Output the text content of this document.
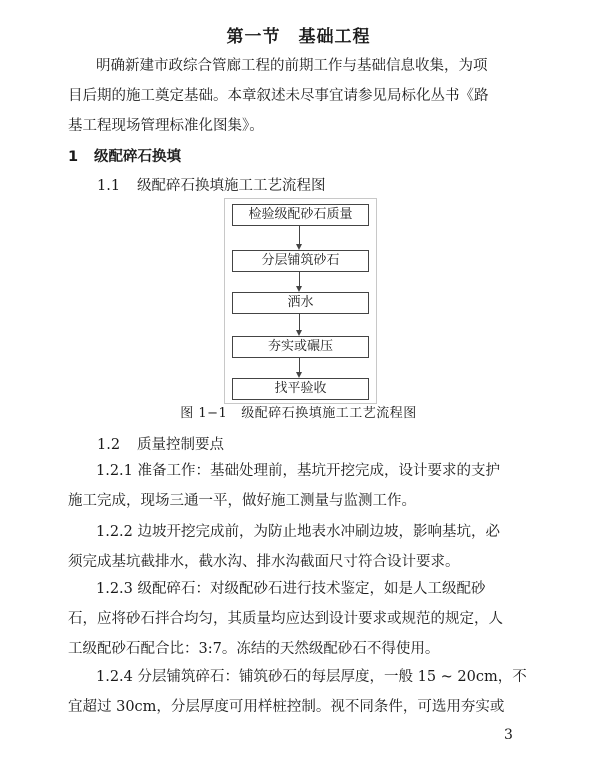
第一节　基础工程

明确新建市政综合管廊工程的前期工作与基础信息收集，为项
目后期的施工奠定基础。本章叙述未尽事宜请参见局标化丛书《路
基工程现场管理标准化图集》。

1 级配碎石换填
1.1 级配碎石换填施工工艺流程图
检验级配砂石质量
分层铺筑砂石
洒水
夯实或碾压
找平验收
图 1−1 级配碎石换填施工工艺流程图
1.2 质量控制要点

1.2.1 准备工作：基础处理前，基坑开挖完成，设计要求的支护
施工完成，现场三通一平，做好施工测量与监测工作。

1.2.2 边坡开挖完成前，为防止地表水冲刷边坡，影响基坑，必
须完成基坑截排水，截水沟、排水沟截面尺寸符合设计要求。

1.2.3 级配碎石：对级配砂石进行技术鉴定，如是人工级配砂
石，应将砂石拌合均匀，其质量均应达到设计要求或规范的规定，人
工级配砂石配合比：3:7。冻结的天然级配砂石不得使用。

1.2.4 分层铺筑碎石：铺筑砂石的每层厚度，一般 15 ~ 20cm，不
宜超过 30cm，分层厚度可用样桩控制。视不同条件，可选用夯实或

3
